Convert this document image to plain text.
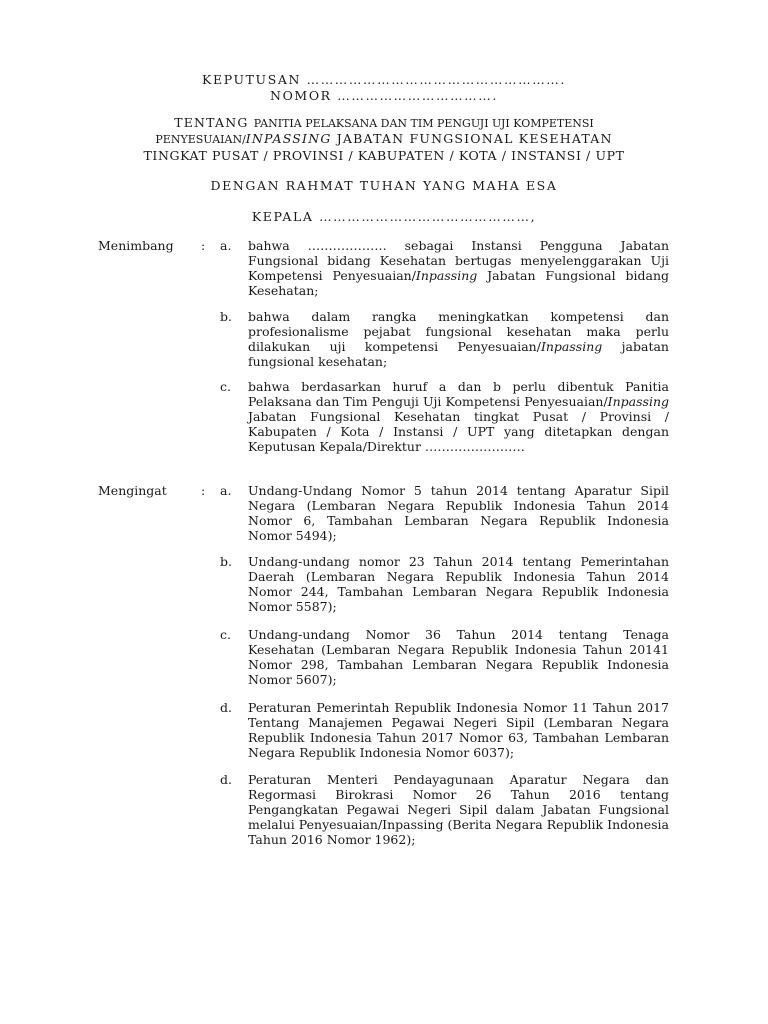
KEPUTUSAN ……………………………………………….
NOMOR …………………………….
TENTANG PANITIA PELAKSANA DAN TIM PENGUJI UJI KOMPETENSI
PENYESUAIAN/INPASSING JABATAN FUNGSIONAL KESEHATAN
TINGKAT PUSAT / PROVINSI / KABUPATEN / KOTA / INSTANSI / UPT
DENGAN RAHMAT TUHAN YANG MAHA ESA
KEPALA ………………………………………,
Menimbang : a. bahwa ………………. sebagai Instansi Pengguna Jabatan Fungsional bidang Kesehatan bertugas menyelenggarakan Uji Kompetensi Penyesuaian/Inpassing Jabatan Fungsional bidang Kesehatan;
b. bahwa dalam rangka meningkatkan kompetensi dan profesionalisme pejabat fungsional kesehatan maka perlu dilakukan uji kompetensi Penyesuaian/Inpassing jabatan fungsional kesehatan;
c. bahwa berdasarkan huruf a dan b perlu dibentuk Panitia Pelaksana dan Tim Penguji Uji Kompetensi Penyesuaian/Inpassing Jabatan Fungsional Kesehatan tingkat Pusat / Provinsi / Kabupaten / Kota / Instansi / UPT yang ditetapkan dengan Keputusan Kepala/Direktur ……………………
Mengingat	: a. Undang-Undang Nomor 5 tahun 2014 tentang Aparatur Sipil Negara (Lembaran Negara Republik Indonesia Tahun 2014 Nomor 6, Tambahan Lembaran Negara Republik Indonesia Nomor 5494);
b. Undang-undang nomor 23 Tahun 2014 tentang Pemerintahan Daerah (Lembaran Negara Republik Indonesia Tahun 2014 Nomor 244, Tambahan Lembaran Negara Republik Indonesia Nomor 5587);
c. Undang-undang Nomor 36 Tahun 2014 tentang Tenaga Kesehatan (Lembaran Negara Republik Indonesia Tahun 20141 Nomor 298, Tambahan Lembaran Negara Republik Indonesia Nomor 5607);
d. Peraturan Pemerintah Republik Indonesia Nomor 11 Tahun 2017 Tentang Manajemen Pegawai Negeri Sipil (Lembaran Negara Republik Indonesia Tahun 2017 Nomor 63, Tambahan Lembaran Negara Republik Indonesia Nomor 6037);
d. Peraturan Menteri Pendayagunaan Aparatur Negara dan Regormasi Birokrasi Nomor 26 Tahun 2016 tentang Pengangkatan Pegawai Negeri Sipil dalam Jabatan Fungsional melalui Penyesuaian/Inpassing (Berita Negara Republik Indonesia Tahun 2016 Nomor 1962);
